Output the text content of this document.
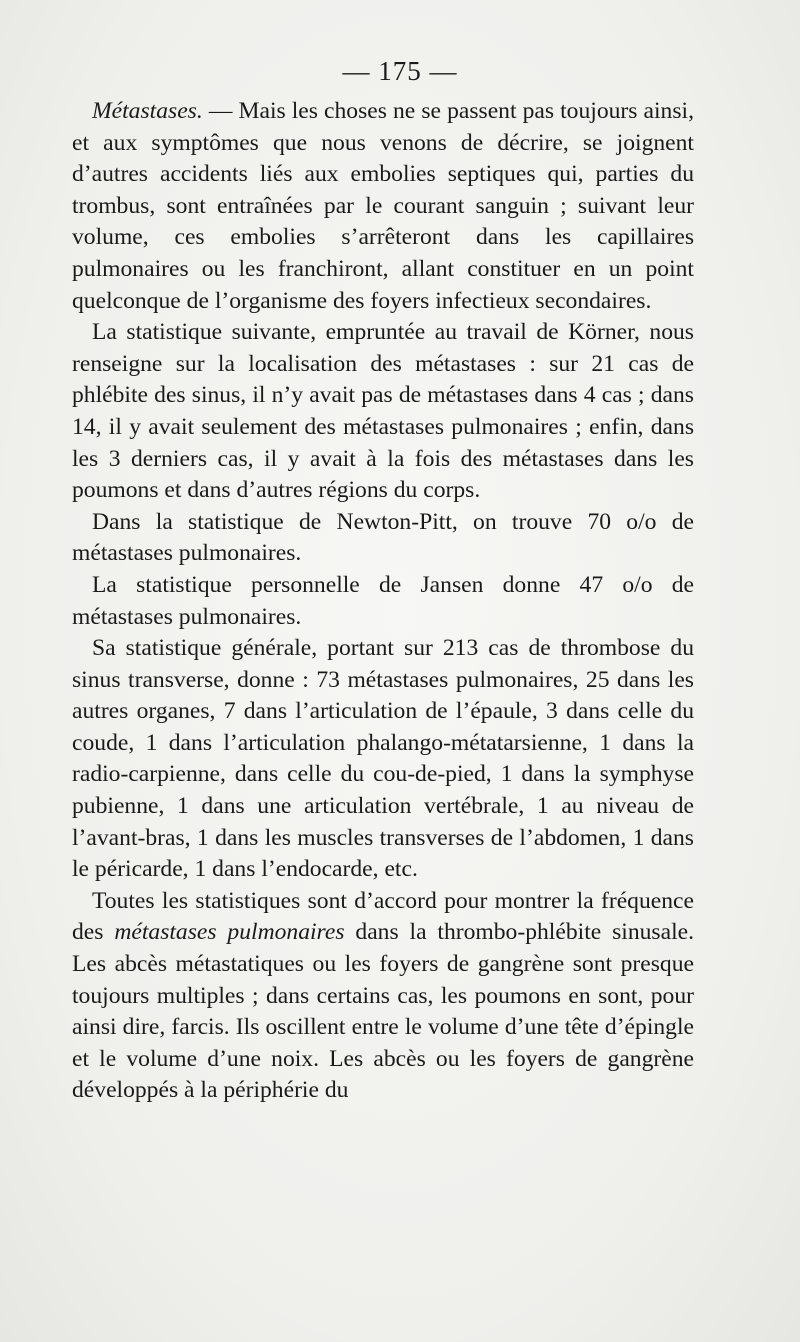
— 175 —

Métastases. — Mais les choses ne se passent pas toujours ainsi, et aux symptômes que nous venons de décrire, se joignent d’autres accidents liés aux embolies septiques qui, parties du trombus, sont entraînées par le courant sanguin ; suivant leur volume, ces embolies s’arrêteront dans les capillaires pulmonaires ou les franchiront, allant constituer en un point quelconque de l’organisme des foyers infectieux secondaires.

La statistique suivante, empruntée au travail de Körner, nous renseigne sur la localisation des métastases : sur 21 cas de phlébite des sinus, il n’y avait pas de métastases dans 4 cas ; dans 14, il y avait seulement des métastases pulmonaires ; enfin, dans les 3 derniers cas, il y avait à la fois des métastases dans les poumons et dans d’autres régions du corps.

Dans la statistique de Newton-Pitt, on trouve 70 o/o de métastases pulmonaires.

La statistique personnelle de Jansen donne 47 o/o de métastases pulmonaires.

Sa statistique générale, portant sur 213 cas de thrombose du sinus transverse, donne : 73 métastases pulmonaires, 25 dans les autres organes, 7 dans l’articulation de l’épaule, 3 dans celle du coude, 1 dans l’articulation phalango-métatarsienne, 1 dans la radio-carpienne, dans celle du cou-de-pied, 1 dans la symphyse pubienne, 1 dans une articulation vertébrale, 1 au niveau de l’avant-bras, 1 dans les muscles transverses de l’abdomen, 1 dans le péricarde, 1 dans l’endocarde, etc.

Toutes les statistiques sont d’accord pour montrer la fréquence des métastases pulmonaires dans la thrombo-phlébite sinusale. Les abcès métastatiques ou les foyers de gangrène sont presque toujours multiples ; dans certains cas, les poumons en sont, pour ainsi dire, farcis. Ils oscillent entre le volume d’une tête d’épingle et le volume d’une noix. Les abcès ou les foyers de gangrène développés à la périphérie du
